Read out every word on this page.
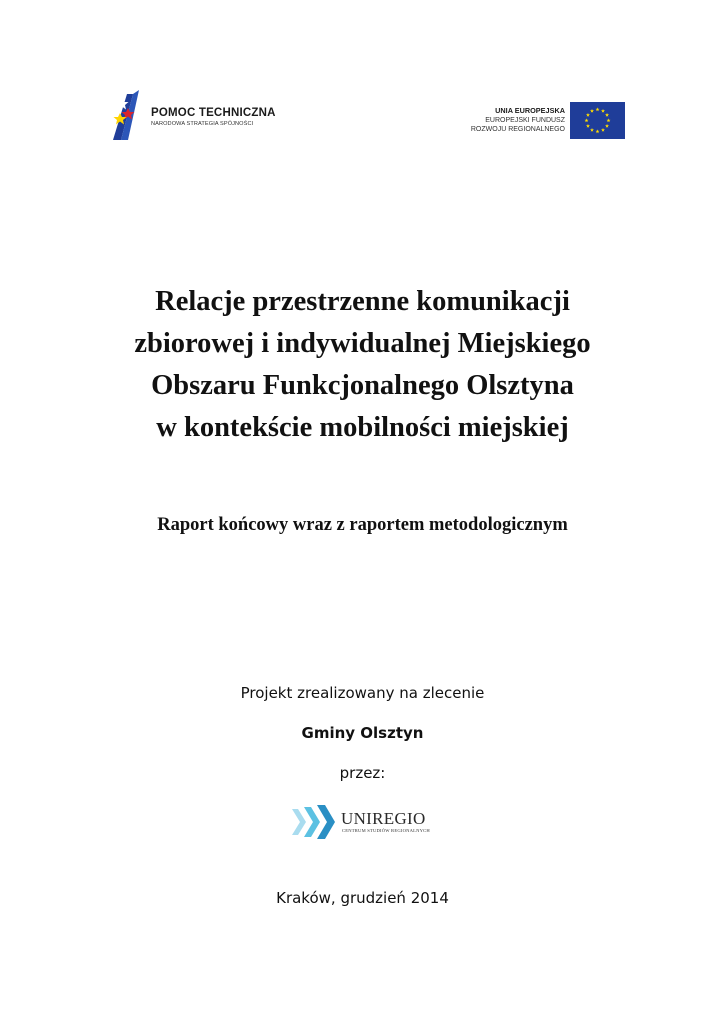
POMOC TECHNICZNA
NARODOWA STRATEGIA SPÓJNOŚCI
UNIA EUROPEJSKA
EUROPEJSKI FUNDUSZ
ROZWOJU REGIONALNEGO
Relacje przestrzenne komunikacji
zbiorowej i indywidualnej Miejskiego
Obszaru Funkcjonalnego Olsztyna
w kontekście mobilności miejskiej
Raport końcowy wraz z raportem metodologicznym
Projekt zrealizowany na zlecenie
Gminy Olsztyn
przez:
UNIREGIO
CENTRUM STUDIÓW REGIONALNYCH
Kraków, grudzień 2014
